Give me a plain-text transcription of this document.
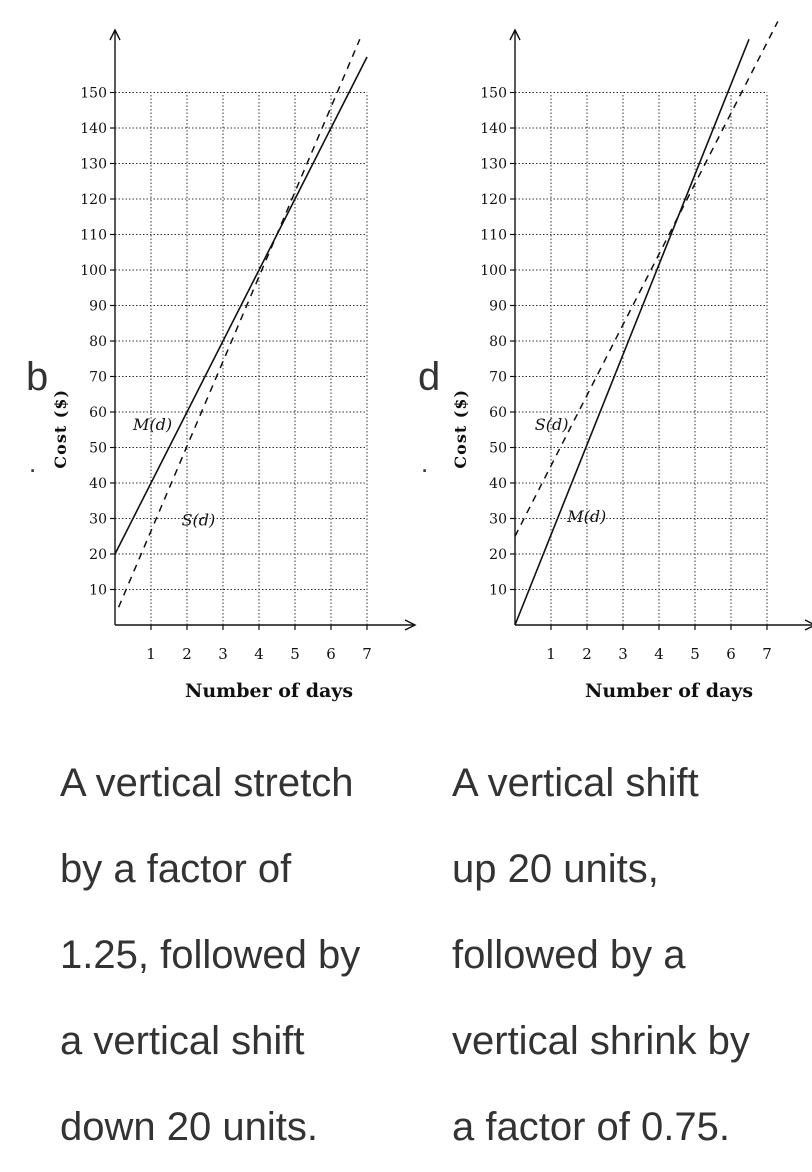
b
.
10
20
30
40
50
60
70
80
90
100
110
120
130
140
150
1 2 3 4 5 6 7
Number of days
Cost ($)	M(d)
S(d)
A vertical stretch
by a factor of
1.25, followed by
a vertical shift
down 20 units.
d
.
10
20
30
40
50
60
70
80
90
100
110
120
130
140
150
1 2 3 4 5 6 7
Number of days
Cost ($)
M(d)
S(d)
A vertical shift
up 20 units,
followed by a
vertical shrink by
a factor of 0.75.
